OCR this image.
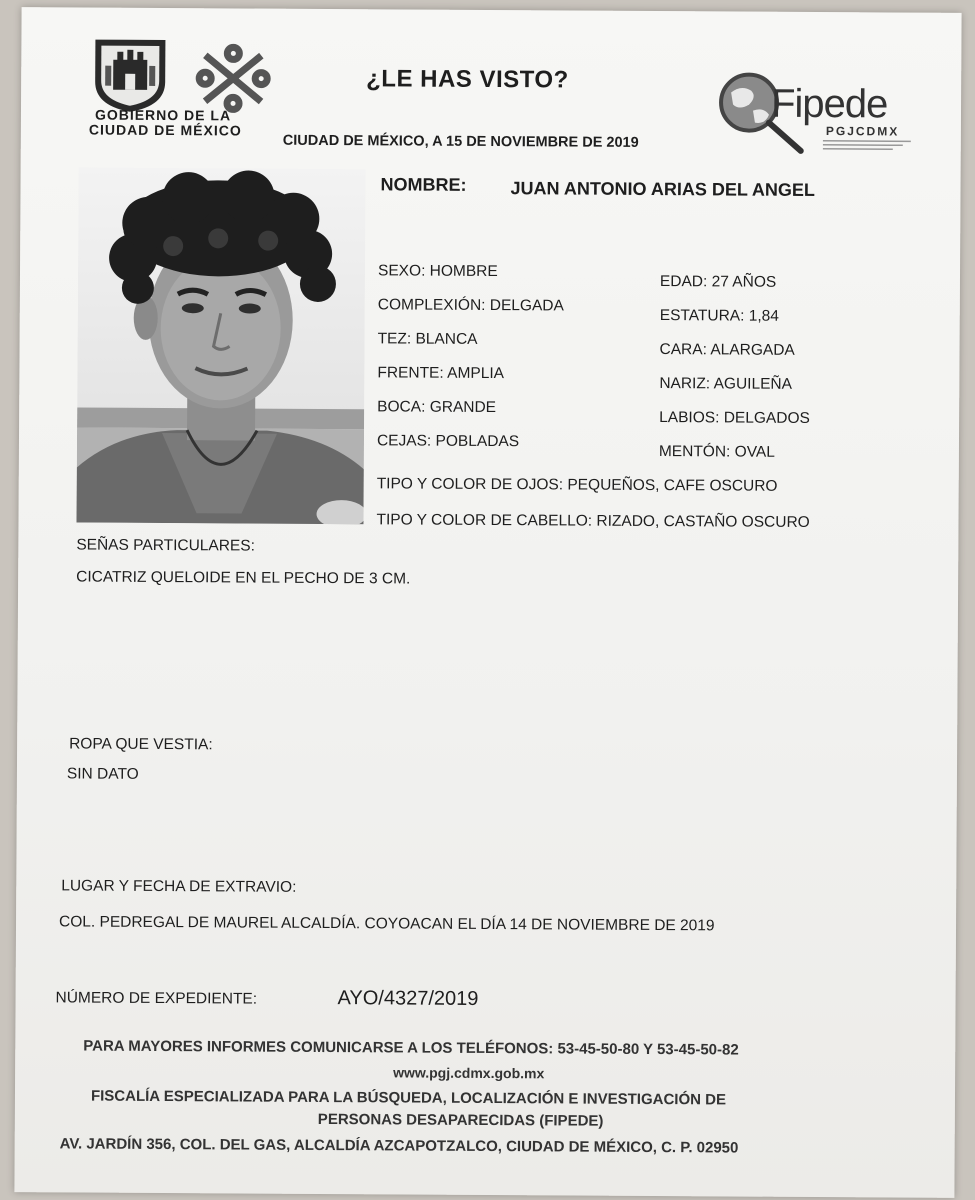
GOBIERNO DE LA
CIUDAD DE MÉXICO
¿LE HAS VISTO?
CIUDAD DE MÉXICO, A 15 DE NOVIEMBRE DE 2019
Fipede
PGJCDMX
NOMBRE: JUAN ANTONIO ARIAS DEL ANGEL
SEXO: HOMBRE
COMPLEXIÓN: DELGADA
TEZ: BLANCA
FRENTE: AMPLIA
BOCA: GRANDE
CEJAS: POBLADAS
EDAD: 27 AÑOS
ESTATURA: 1,84
CARA: ALARGADA
NARIZ: AGUILEÑA
LABIOS: DELGADOS
MENTÓN: OVAL
TIPO Y COLOR DE OJOS: PEQUEÑOS, CAFE OSCURO
TIPO Y COLOR DE CABELLO: RIZADO, CASTAÑO OSCURO
SEÑAS PARTICULARES:
CICATRIZ QUELOIDE EN EL PECHO DE 3 CM.
ROPA QUE VESTIA:
SIN DATO
LUGAR Y FECHA DE EXTRAVIO:
COL. PEDREGAL DE MAUREL ALCALDÍA. COYOACAN EL DÍA 14 DE NOVIEMBRE DE 2019
NÚMERO DE EXPEDIENTE:	AYO/4327/2019
PARA MAYORES INFORMES COMUNICARSE A LOS TELÉFONOS: 53-45-50-80 Y 53-45-50-82
www.pgj.cdmx.gob.mx
FISCALÍA ESPECIALIZADA PARA LA BÚSQUEDA, LOCALIZACIÓN E INVESTIGACIÓN DE
PERSONAS DESAPARECIDAS (FIPEDE)
AV. JARDÍN 356, COL. DEL GAS, ALCALDÍA AZCAPOTZALCO, CIUDAD DE MÉXICO, C. P. 02950
